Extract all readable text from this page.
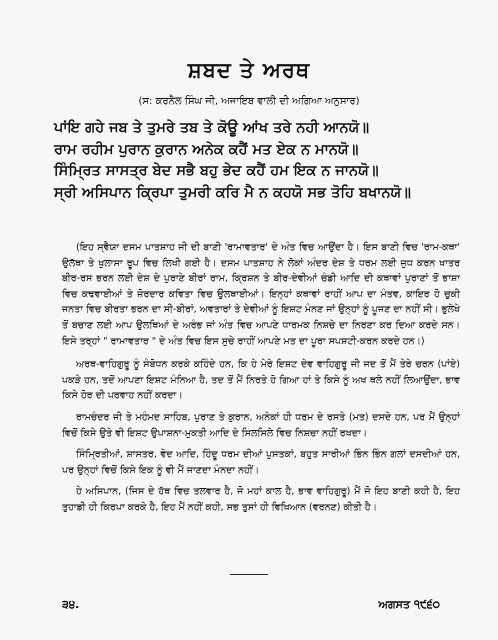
ਸ਼ਬਦ ਤੇ ਅਰਥ
(ਸ: ਕਰਨੈਲ ਸਿੰਘ ਜੀ, ਅਜਾਇਬ ਵਾਲੀ ਦੀ ਅਗਿਆ ਅਨੁਸਾਰ)
ਪਾਂਇ ਗਹੇ ਜਬ ਤੇ ਤੁਮਰੇ ਤਬ ਤੇ ਕੋਊ ਆਂਖ ਤਰੇ ਨਹੀ ਆਨਯੋ॥
ਰਾਮ ਰਹੀਮ ਪੁਰਾਨ ਕੁਰਾਨ ਅਨੇਕ ਕਹੈਂ ਮਤ ਏਕ ਨ ਮਾਨਯੋ॥
ਸਿੰਮ੍ਰਿਤ ਸਾਸਤ੍ਰ ਬੇਦ ਸਭੈ ਬਹੁ ਭੇਦ ਕਹੈਂ ਹਮ ਇਕ ਨ ਜਾਨਯੋ॥
ਸ੍ਰੀ ਅਸਿਪਾਨ ਕ੍ਰਿਪਾ ਤੁਮਰੀ ਕਰਿ ਮੈ ਨ ਕਹਯੋ ਸਭ ਤੋਹਿ ਬਖਾਨਯੋ॥

(ਇਹ ਸ੍ਵੈਯਾ ਦਸਮ ਪਾਤਸ਼ਾਹ ਜੀ ਦੀ ਬਾਣੀ 'ਰਾਮਾਵਤਾਰ' ਦੇ ਅੰਤ ਵਿਚ ਆਉਂਦਾ ਹੈ। ਇਸ ਬਾਣੀ ਵਿਚ 'ਰਾਮ-ਕਥਾ' ਉਲੱਥਾ ਤੇ ਖੁਲਾਸਾ ਰੂਪ ਵਿਚ ਲਿਖੀ ਗਈ ਹੈ। ਦਸਮ ਪਾਤਸ਼ਾਹ ਨੇ ਲੋਕਾਂ ਅੰਦਰ ਦੇਸ਼ ਤੇ ਧਰਮ ਲਈ ਜੁਧ ਕਰਨ ਖਾਤਰ ਬੀਰ-ਰਸ ਭਰਨ ਲਈ ਦੇਸ਼ ਦੇ ਪੁਰਾਣੇ ਬੀਰਾਂ ਰਾਮ, ਕ੍ਰਿਸ਼ਨ ਤੇ ਬੀਰ-ਦੇਵੀਆਂ ਚੰਡੀ ਆਦਿ ਦੀ ਕਥਾਵਾਂ ਪੁਰਾਣਾਂ ਤੋਂ ਭਾਸ਼ਾ ਵਿਚ ਕਢਵਾਈਆਂ ਤੇ ਜ਼ੋਰਦਾਰ ਕਵਿਤਾ ਵਿਚ ਉਲਥਾਈਆਂ। ਇਨ੍ਹਾਂ ਕਥਾਵਾਂ ਰਾਹੀਂ ਆਪ ਦਾ ਮੰਤਵ, ਕਾਇਰ ਹੋ ਚੁਕੀ ਜਨਤਾ ਵਿਚ ਬੀਰਤਾ ਭਰਨ ਦਾ ਸੀ-ਬੀਰਾਂ, ਅਵਤਾਰਾਂ ਤੇ ਦੇਵੀਆਂ ਨੂੰ ਇਸ਼ਟ ਮੰਨਣ ਜਾਂ ਉਨ੍ਹਾਂ ਨੂੰ ਪੂਜਣ ਦਾ ਨਹੀਂ ਸੀ। ਭੁਲੇਖੇ ਤੋਂ ਬਚਾਣ ਲਈ ਆਪ ਉਲਥਿਆਂ ਦੇ ਅਰੰਭ ਜਾਂ ਅੰਤ ਵਿਚ ਆਪਣੇ ਧਾਰਮਕ ਨਿਸ਼ਚੇ ਦਾ ਨਿਰਣਾ ਕਰ ਦਿਆ ਕਰਦੇ ਸਨ। ਇਸੇ ਤਰ੍ਹਾਂ " ਰਾਮਾਵਤਾਰ " ਦੇ ਅੰਤ ਵਿਚ ਇਸ ਸੁਚੇ ਰਾਹੀਂ ਆਪਣੇ ਮਤ ਦਾ ਪੂਰਾ ਸਪਸ਼ਟੀ-ਕਰਨ ਕਰਦੇ ਹਨ।)

ਅਰਥ-ਵਾਹਿਗੁਰੂ ਨੂੰ ਸੰਬੋਧਨ ਕਰਕੇ ਕਹਿੰਦੇ ਹਨ, ਕਿ ਹੇ ਮੇਰੇ ਇਸ਼ਟ ਦੇਵ ਵਾਹਿਗੁਰੂ ਜੀ ਜਦ ਤੋਂ ਮੈਂ ਤੇਰੇ ਚਰਨ (ਪਾਂਏ) ਪਕੜੇ ਹਨ, ਤਦੋਂ ਆਪਣਾ ਇਸ਼ਟ ਮੰਨਿਆ ਹੈ, ਤਦ ਤੋਂ ਮੈਂ ਨਿਰਤੇ ਹੋ ਗਿਆ ਹਾਂ ਤੇ ਕਿਸੇ ਨੂੰ ਅਖ ਥਲੇ ਨਹੀਂ ਲਿਆਉਂਦਾ, ਭਾਵ ਕਿਸੇ ਹੋਰ ਦੀ ਪਰਵਾਹ ਨਹੀਂ ਕਰਦਾ।

ਰਾਮਚੰਦਰ ਜੀ ਤੇ ਮਹੰਮਦ ਸਾਹਿਬ, ਪੁਰਾਣ ਤੇ ਕੁਰਾਨ, ਅਨੇਕਾਂ ਹੀ ਧਰਮ ਦੇ ਰਸਤੇ (ਮਤ) ਦਸਦੇ ਹਨ, ਪਰ ਮੈਂ ਉਨ੍ਹਾਂ ਵਿਚੋਂ ਕਿਸੇ ਉਤੇ ਵੀ ਇਸ਼ਟ ਉਪਾਸ਼ਨਾ-ਮੁਕਤੀ ਆਦਿ ਦੇ ਸਿਲਸਿਲੇ ਵਿਚ ਨਿਸ਼ਚਾ ਨਹੀਂ ਰਖਦਾ।

ਸਿੰਮ੍ਰਿਤੀਆਂ, ਸ਼ਾਸਤਰ, ਵੇਦ ਆਦਿ, ਹਿੰਦੂ ਧਰਮ ਦੀਆਂ ਪੁਸਤਕਾਂ, ਬਹੁਤ ਸਾਰੀਆਂ ਭਿੰਨ ਭਿੰਨ ਗਲਾਂ ਦਸਦੀਆਂ ਹਨ, ਪਰ ਉਨ੍ਹਾਂ ਵਿਚੋਂ ਕਿਸੇ ਇਕ ਨੂੰ ਵੀ ਮੈਂ ਜਾਣਦਾ ਮੰਨਦਾ ਨਹੀਂ।

ਹੇ ਅਸਿਪਾਨ, (ਜਿਸ ਦੇ ਹੱਥ ਵਿਚ ਤਲਵਾਰ ਹੈ, ਜੋ ਮਹਾਂ ਕਾਲ ਹੈ, ਭਾਵ ਵਾਹਿਗੁਰੂ) ਮੈਂ ਜੋ ਇਹ ਬਾਣੀ ਕਹੀ ਹੈ, ਇਹ ਤੁਹਾਡੀ ਹੀ ਕਿਰਪਾ ਕਰਕੇ ਹੈ, ਇਹ ਮੈਂ ਨਹੀਂ ਕਹੀ, ਸਭ ਤੁਸਾਂ ਹੀ ਵਿਖਿਆਨ (ਵਰਨਣ) ਕੀਤੀ ਹੈ।

੩੪.	ਅਗਸਤ ੧੯੬੦
